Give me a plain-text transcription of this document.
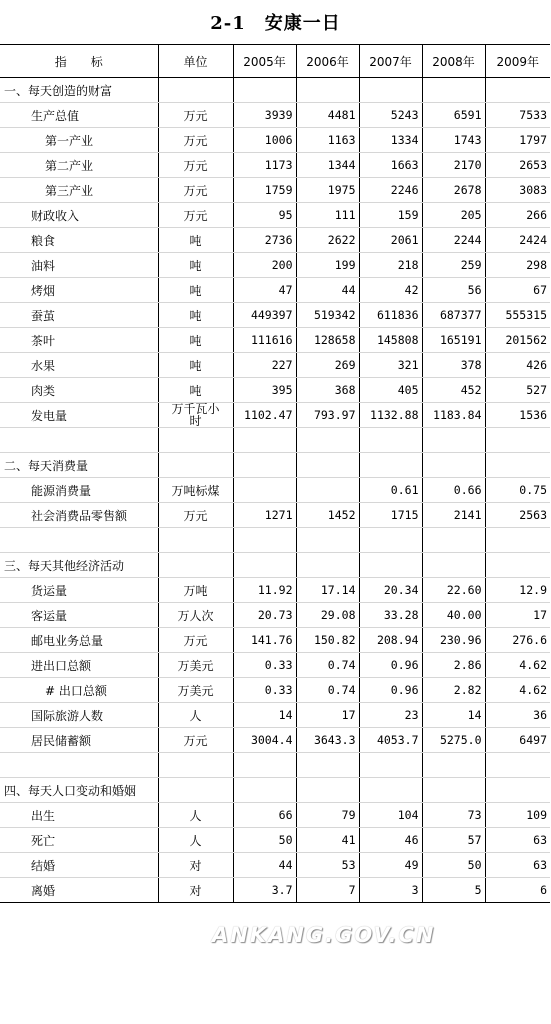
2-1　安康一日
指　　标	单位	2005年	2006年	2007年	2008年	2009年
一、每天创造的财富						
生产总值	万元	3939	4481	5243	6591	7533
第一产业	万元	1006	1163	1334	1743	1797
第二产业	万元	1173	1344	1663	2170	2653
第三产业	万元	1759	1975	2246	2678	3083
财政收入	万元	95	111	159	205	266
粮食	吨	2736	2622	2061	2244	2424
油料	吨	200	199	218	259	298
烤烟	吨	47	44	42	56	67
蚕茧	吨	449397	519342	611836	687377	555315
茶叶	吨	111616	128658	145808	165191	201562
水果	吨	227	269	321	378	426
肉类	吨	395	368	405	452	527
发电量	万千瓦小时	1102.47	793.97	1132.88	1183.84	1536

二、每天消费量						
能源消费量	万吨标煤			0.61	0.66	0.75
社会消费品零售额	万元	1271	1452	1715	2141	2563

三、每天其他经济活动						
货运量	万吨	11.92	17.14	20.34	22.60	12.9
客运量	万人次	20.73	29.08	33.28	40.00	17
邮电业务总量	万元	141.76	150.82	208.94	230.96	276.6
进出口总额	万美元	0.33	0.74	0.96	2.86	4.62
# 出口总额	万美元	0.33	0.74	0.96	2.82	4.62
国际旅游人数	人	14	17	23	14	36
居民储蓄额	万元	3004.4	3643.3	4053.7	5275.0	6497

四、每天人口变动和婚姻						
出生	人	66	79	104	73	109
死亡	人	50	41	46	57	63
结婚	对	44	53	49	50	63
离婚	对	3.7	7	3	5	6
ANKANG.GOV.CN
